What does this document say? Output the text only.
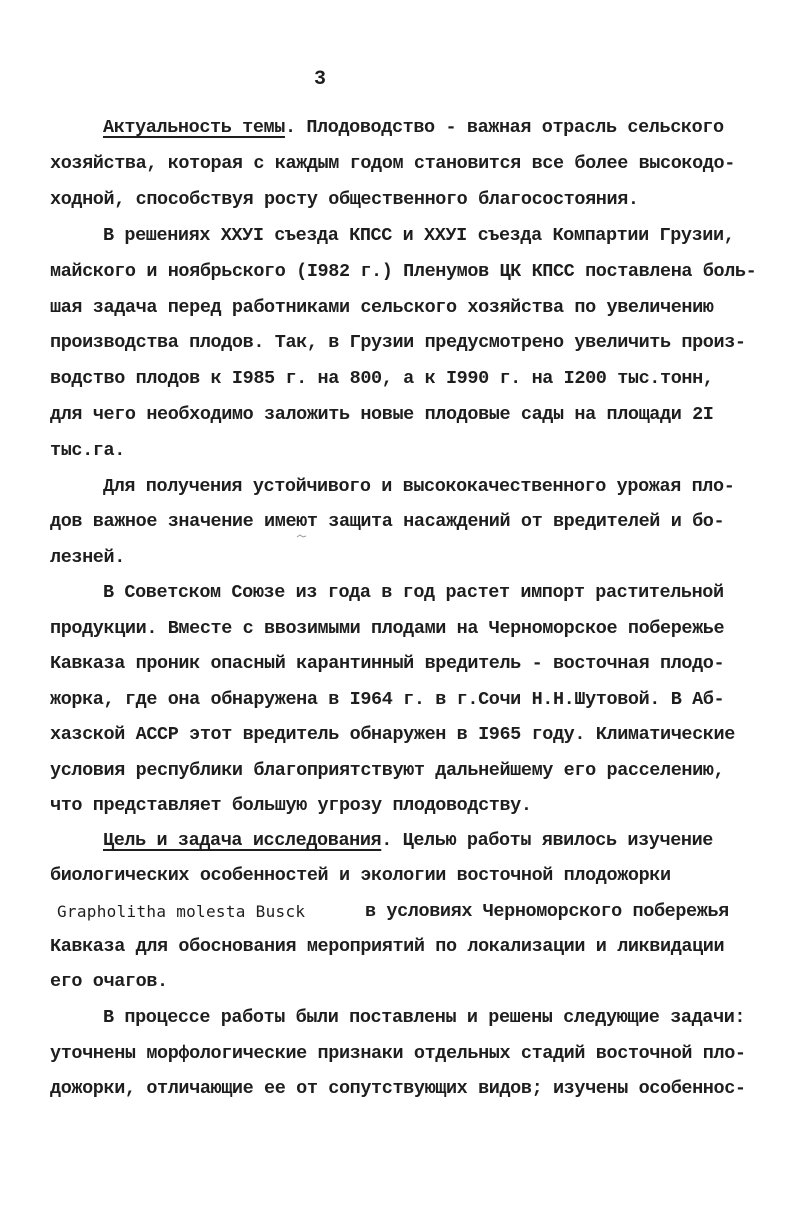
3
Актуальность темы. Плодоводство - важная отрасль сельского
хозяйства, которая с каждым годом становится все более высокодо-
ходной, способствуя росту общественного благосостояния.
В решениях ХХУI съезда КПСС и ХХУI съезда Компартии Грузии,
майского и ноябрьского (I982 г.) Пленумов ЦК КПСС поставлена боль-
шая задача перед работниками сельского хозяйства по увеличению
производства плодов. Так, в Грузии предусмотрено увеличить произ-
водство плодов к I985 г. на 800, а к I990 г. на I200 тыс.тонн,
для чего необходимо заложить новые плодовые сады на площади 2I
тыс.га.
Для получения устойчивого и высококачественного урожая пло-
дов важное значение имеют защита насаждений от вредителей и бо-
лезней.
В Советском Союзе из года в год растет импорт растительной
продукции. Вместе с ввозимыми плодами на Черноморское побережье
Кавказа проник опасный карантинный вредитель - восточная плодо-
жорка, где она обнаружена в I964 г. в г.Сочи Н.Н.Шутовой. В Аб-
хазской АССР этот вредитель обнаружен в I965 году. Климатические
условия республики благоприятствуют дальнейшему его расселению,
что представляет большую угрозу плодоводству.
Цель и задача исследования. Целью работы явилось изучение
биологических особенностей и экологии восточной плодожорки
Grapholitha molesta Busck	в условиях Черноморского побережья
Кавказа для обоснования мероприятий по локализации и ликвидации
его очагов.
В процессе работы были поставлены и решены следующие задачи:
уточнены морфологические признаки отдельных стадий восточной пло-
дожорки, отличающие ее от сопутствующих видов; изучены особеннос-
